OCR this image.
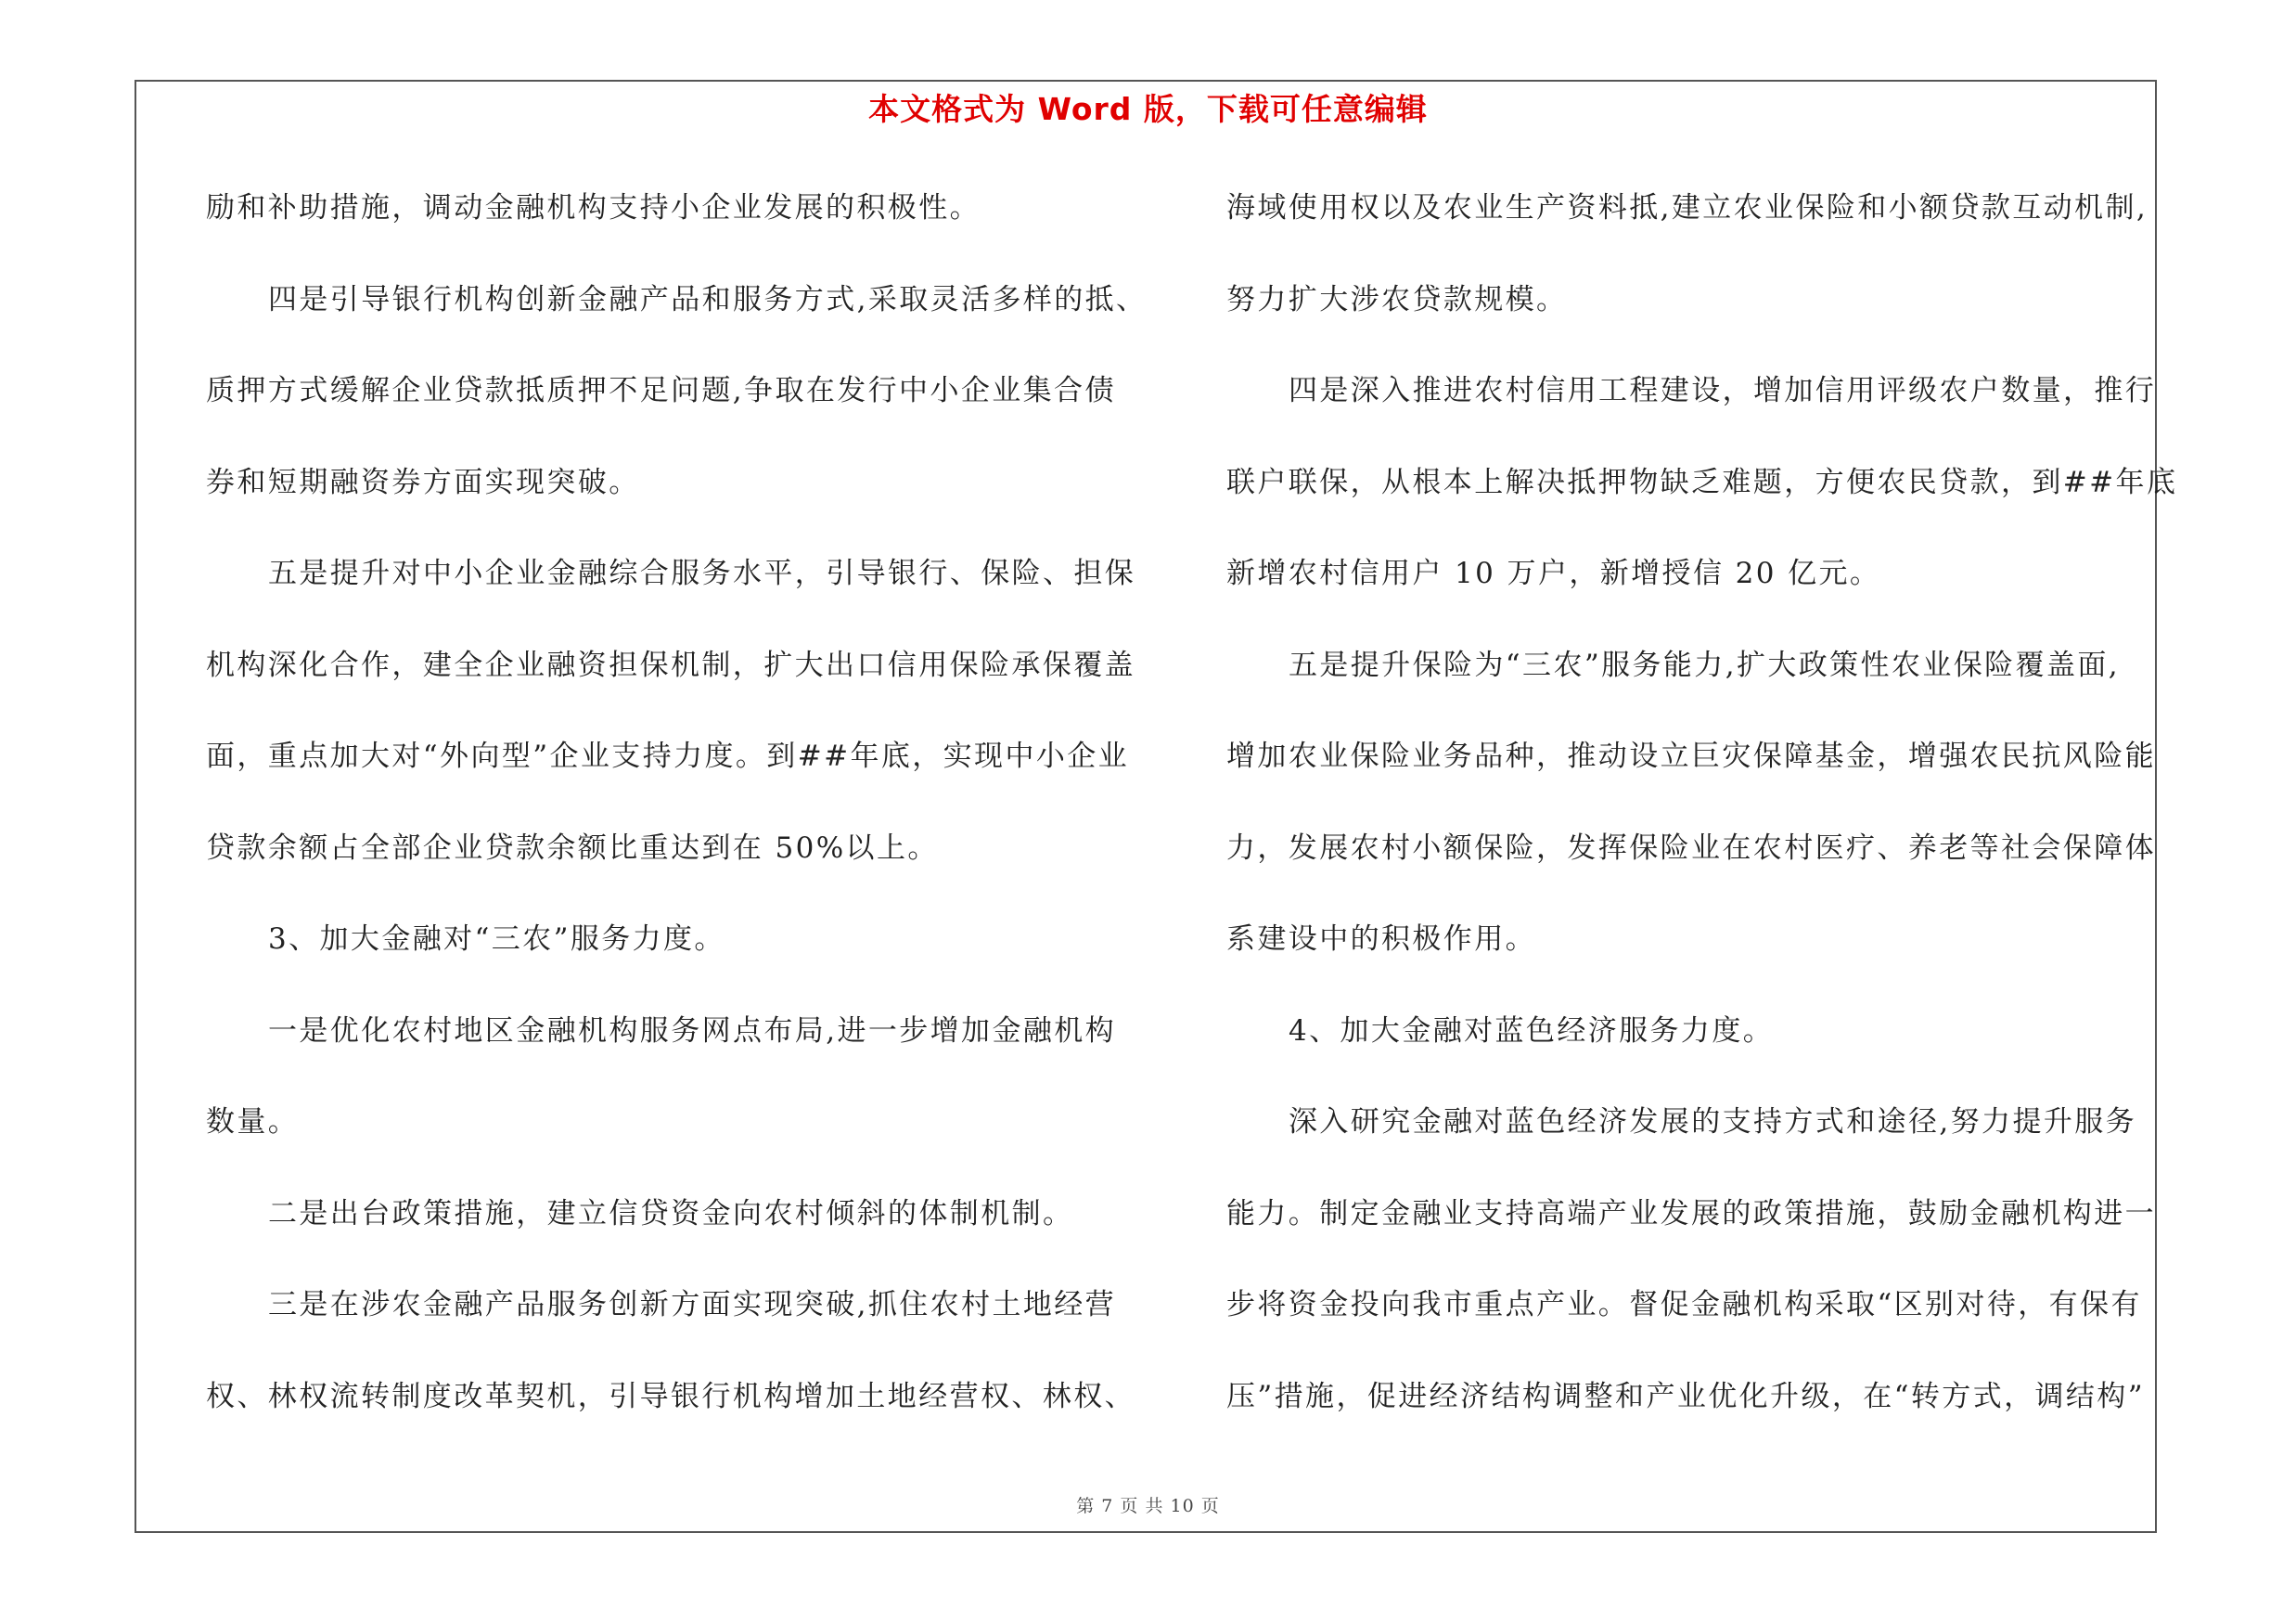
本文格式为 Word 版，下载可任意编辑
励和补助措施，调动金融机构支持小企业发展的积极性。
四是引导银行机构创新金融产品和服务方式,采取灵活多样的抵、
质押方式缓解企业贷款抵质押不足问题,争取在发行中小企业集合债
券和短期融资券方面实现突破。
五是提升对中小企业金融综合服务水平，引导银行、保险、担保
机构深化合作，建全企业融资担保机制，扩大出口信用保险承保覆盖
面，重点加大对“外向型”企业支持力度。到##年底，实现中小企业
贷款余额占全部企业贷款余额比重达到在 50%以上。
3、加大金融对“三农”服务力度。
一是优化农村地区金融机构服务网点布局,进一步增加金融机构
数量。
二是出台政策措施，建立信贷资金向农村倾斜的体制机制。
三是在涉农金融产品服务创新方面实现突破,抓住农村土地经营
权、林权流转制度改革契机，引导银行机构增加土地经营权、林权、
海域使用权以及农业生产资料抵,建立农业保险和小额贷款互动机制,
努力扩大涉农贷款规模。
四是深入推进农村信用工程建设，增加信用评级农户数量，推行
联户联保，从根本上解决抵押物缺乏难题，方便农民贷款，到##年底
新增农村信用户 10 万户，新增授信 20 亿元。
五是提升保险为“三农”服务能力,扩大政策性农业保险覆盖面,
增加农业保险业务品种，推动设立巨灾保障基金，增强农民抗风险能
力，发展农村小额保险，发挥保险业在农村医疗、养老等社会保障体
系建设中的积极作用。
4、加大金融对蓝色经济服务力度。
深入研究金融对蓝色经济发展的支持方式和途径,努力提升服务
能力。制定金融业支持高端产业发展的政策措施，鼓励金融机构进一
步将资金投向我市重点产业。督促金融机构采取“区别对待，有保有
压”措施，促进经济结构调整和产业优化升级，在“转方式，调结构”
第 7 页 共 10 页
